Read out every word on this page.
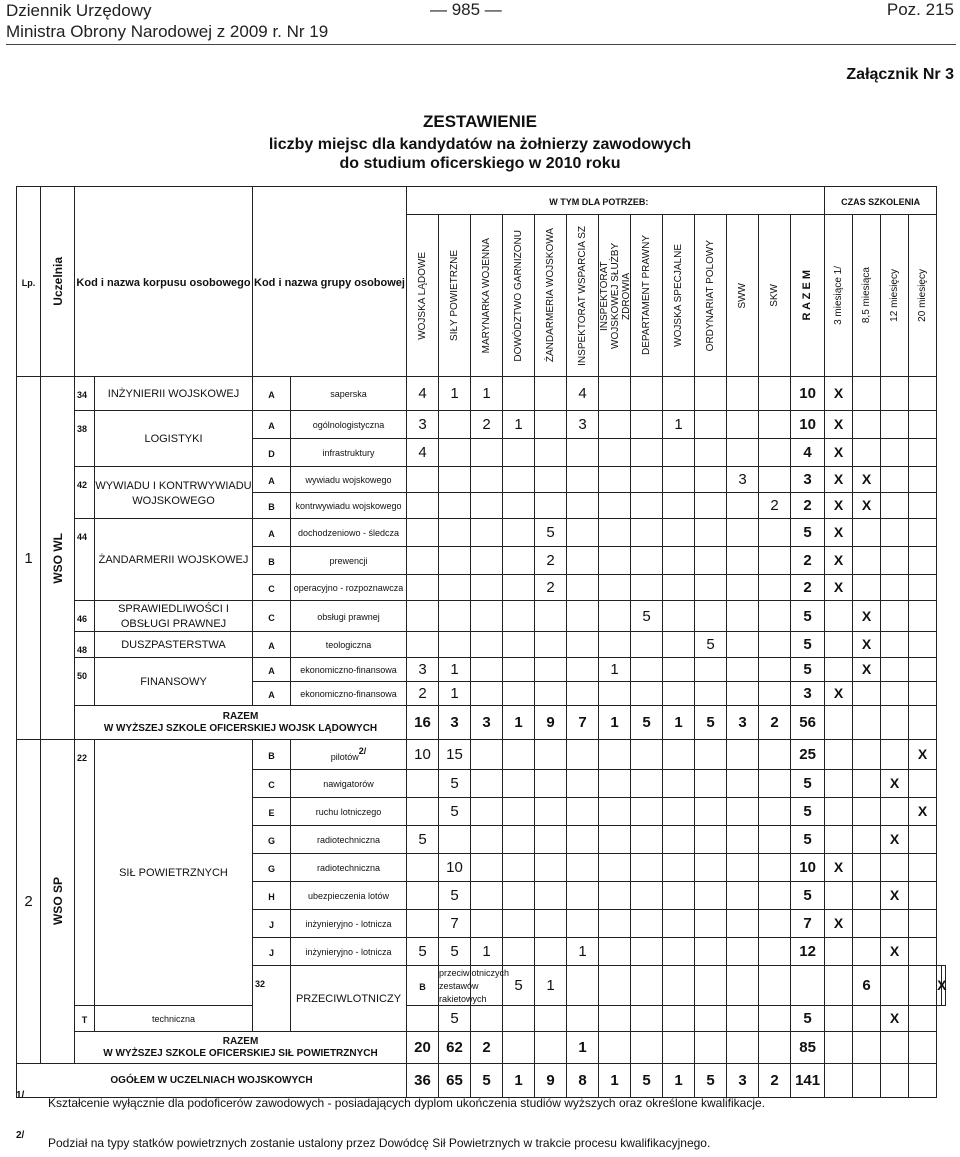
Dziennik Urzędowy
Ministra Obrony Narodowej z 2009 r. Nr 19
— 985 —	Poz. 215
Załącznik Nr 3
ZESTAWIENIE
liczby miejsc dla kandydatów na żołnierzy zawodowych
do studium oficerskiego w 2010 roku
Lp.	Uczelnia	Kod i nazwa korpusu osobowego		Kod i nazwa grupy osobowej		W TYM DLA POTRZEB:													CZAS SZKOLENIA					

						WOJSKA LĄDOWE	SIŁY POWIETRZNE	MARYNARKA WOJENNA	DOWÓDZTWO GARNIZONU	ŻANDARMERIA WOJSKOWA	INSPEKTORAT WSPARCIA SZ	INSPEKTORAT WOJSKOWEJ SŁUŻBY ZDROWIA	DEPARTAMENT PRAWNY	WOJSKA SPECJALNE	ORDYNARIAT POLOWY	SWW	SKW	R A Z E M	3 miesiące 1/	8,5 miesiąca	12 miesięcy	20 miesięcy		

1	WSO WL	34	INŻYNIERII WOJSKOWEJ	A	saperska	4	1	1			4							10	X					
		38	LOGISTYKI	A	ogólnologistyczna	3		2	1		3			1				10	X					
				D	infrastruktury	4												4	X					
		42	WYWIADU I KONTRWYWIADU WOJSKOWEGO	A	wywiadu wojskowego											3		3	X	X				
				B	kontrwywiadu wojskowego												2	2	X	X				
		44	ŻANDARMERII WOJSKOWEJ	A	dochodzeniowo - śledcza					5								5	X					
				B	prewencji					2								2	X					
				C	operacyjno - rozpoznawcza					2								2	X					
		46	SPRAWIEDLIWOŚCI I OBSŁUGI PRAWNEJ	C	obsługi prawnej								5					5		X				
		48	DUSZPASTERSTWA	A	teologiczna										5			5		X				
		50	FINANSOWY	A	ekonomiczno-finansowa	3	1					1						5		X				
				A	ekonomiczno-finansowa	2	1											3	X					

		RAZEM
W WYŻSZEJ SZKOLE OFICERSKIEJ WOJSK LĄDOWYCH				16	3	3	1	9	7	1	5	1	5	3	2	56						
2	WSO SP	22	SIŁ POWIETRZNYCH	B	pilotów$^{2/}$	10	15											25				X		
				C	nawigatorów		5											5			X			
				E	ruchu lotniczego		5											5				X		
				G	radiotechniczna	5												5			X			
				G	radiotechniczna		10											10	X					
				H	ubezpieczenia lotów		5											5			X			
				J	inżynieryjno - lotnicza		7											7	X					
				J	inżynieryjno - lotnicza	5	5	1			1							12			X			
				32	PRZECIWLOTNICZY	B	przeciwlotniczych zestawów rakietowych		5	1										6			X	
		T	techniczna				5											5			X			

		RAZEM
W WYŻSZEJ SZKOLE OFICERSKIEJ SIŁ POWIETRZNYCH				20	62	2			1							85						

OGÓŁEM W UCZELNIACH WOJSKOWYCH						36	65	5	1	9	8	1	5	1	5	3	2	141						
1/
Kształcenie wyłącznie dla podoficerów zawodowych - posiadających dyplom ukończenia studiów wyższych oraz określone kwalifikacje.
2/
Podział na typy statków powietrznych zostanie ustalony przez Dowódcę Sił Powietrznych w trakcie procesu kwalifikacyjnego.
